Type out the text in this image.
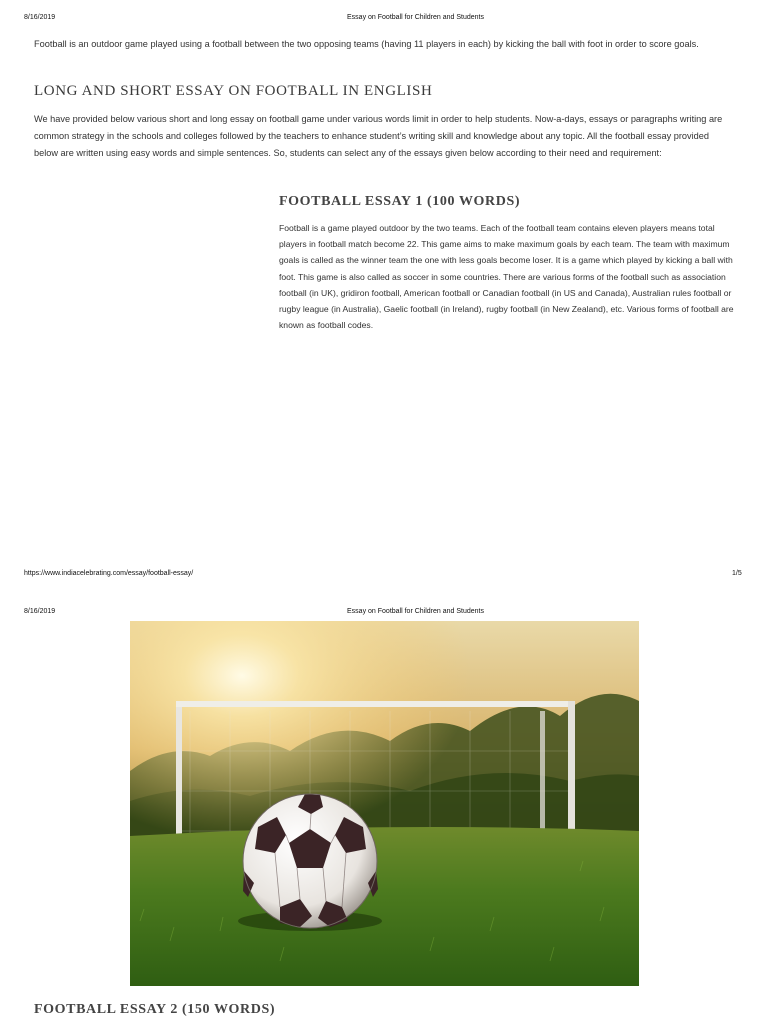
8/16/2019	Essay on Football for Children and Students
Football is an outdoor game played using a football between the two opposing teams (having 11 players in each) by kicking the ball with foot in order to score goals.
LONG AND SHORT ESSAY ON FOOTBALL IN ENGLISH
We have provided below various short and long essay on football game under various words limit in order to help students. Now-a-days, essays or paragraphs writing are common strategy in the schools and colleges followed by the teachers to enhance student’s writing skill and knowledge about any topic. All the football essay provided below are written using easy words and simple sentences. So, students can select any of the essays given below according to their need and requirement:
FOOTBALL ESSAY 1 (100 WORDS)
Football is a game played outdoor by the two teams. Each of the football team contains eleven players means total players in football match become 22. This game aims to make maximum goals by each team. The team with maximum goals is called as the winner team the one with less goals become loser. It is a game which played by kicking a ball with foot. This game is also called as soccer in some countries. There are various forms of the football such as association football (in UK), gridiron football, American football or Canadian football (in US and Canada), Australian rules football or rugby league (in Australia), Gaelic football (in Ireland), rugby football (in New Zealand), etc. Various forms of football are known as football codes.
https://www.indiacelebrating.com/essay/football-essay/	1/5
8/16/2019	Essay on Football for Children and Students
FOOTBALL ESSAY 2 (150 WORDS)
